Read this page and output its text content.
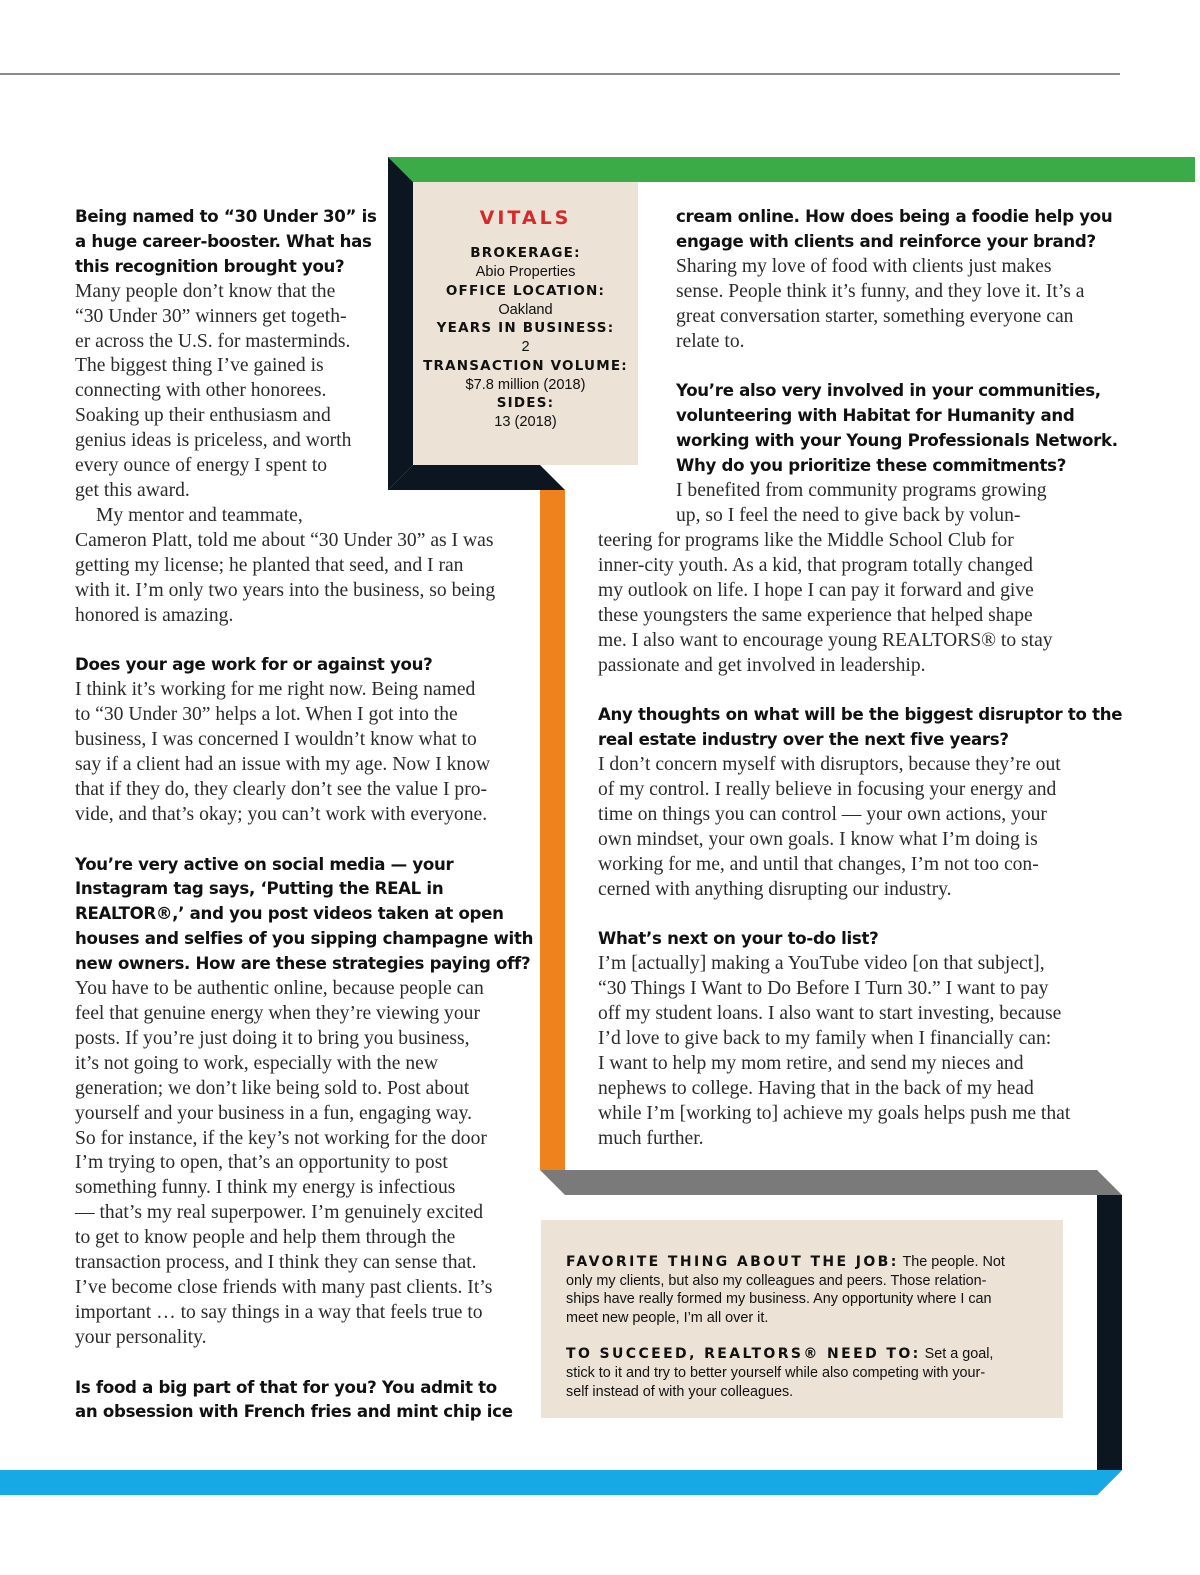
VITALS
BROKERAGE:
Abio Properties
OFFICE LOCATION:
Oakland
YEARS IN BUSINESS:
2
TRANSACTION VOLUME:
$7.8 million (2018)
SIDES:
13 (2018)
Being named to “30 Under 30” is
a huge career-booster. What has
this recognition brought you?
Many people don’t know that the
“30 Under 30” winners get togeth-
er across the U.S. for masterminds.
The biggest thing I’ve gained is
connecting with other honorees.
Soaking up their enthusiasm and
genius ideas is priceless, and worth
every ounce of energy I spent to
get this award.
My mentor and teammate,
Cameron Platt, told me about “30 Under 30” as I was
getting my license; he planted that seed, and I ran
with it. I’m only two years into the business, so being
honored is amazing.
Does your age work for or against you?
I think it’s working for me right now. Being named
to “30 Under 30” helps a lot. When I got into the
business, I was concerned I wouldn’t know what to
say if a client had an issue with my age. Now I know
that if they do, they clearly don’t see the value I pro-
vide, and that’s okay; you can’t work with everyone.
You’re very active on social media — your
Instagram tag says, ‘Putting the REAL in
REALTOR®,’ and you post videos taken at open
houses and selfies of you sipping champagne with
new owners. How are these strategies paying off?
You have to be authentic online, because people can
feel that genuine energy when they’re viewing your
posts. If you’re just doing it to bring you business,
it’s not going to work, especially with the new
generation; we don’t like being sold to. Post about
yourself and your business in a fun, engaging way.
So for instance, if the key’s not working for the door
I’m trying to open, that’s an opportunity to post
something funny. I think my energy is infectious
— that’s my real superpower. I’m genuinely excited
to get to know people and help them through the
transaction process, and I think they can sense that.
I’ve become close friends with many past clients. It’s
important … to say things in a way that feels true to
your personality.
Is food a big part of that for you? You admit to
an obsession with French fries and mint chip ice
cream online. How does being a foodie help you
engage with clients and reinforce your brand?
Sharing my love of food with clients just makes
sense. People think it’s funny, and they love it. It’s a
great conversation starter, something everyone can
relate to.
You’re also very involved in your communities,
volunteering with Habitat for Humanity and
working with your Young Professionals Network.
Why do you prioritize these commitments?
I benefited from community programs growing
up, so I feel the need to give back by volun-
teering for programs like the Middle School Club for
inner-city youth. As a kid, that program totally changed
my outlook on life. I hope I can pay it forward and give
these youngsters the same experience that helped shape
me. I also want to encourage young REALTORS® to stay
passionate and get involved in leadership.
Any thoughts on what will be the biggest disruptor to the
real estate industry over the next five years?
I don’t concern myself with disruptors, because they’re out
of my control. I really believe in focusing your energy and
time on things you can control — your own actions, your
own mindset, your own goals. I know what I’m doing is
working for me, and until that changes, I’m not too con-
cerned with anything disrupting our industry.
What’s next on your to-do list?
I’m [actually] making a YouTube video [on that subject],
“30 Things I Want to Do Before I Turn 30.” I want to pay
off my student loans. I also want to start investing, because
I’d love to give back to my family when I financially can:
I want to help my mom retire, and send my nieces and
nephews to college. Having that in the back of my head
while I’m [working to] achieve my goals helps push me that
much further.
FAVORITE THING ABOUT THE JOB: The people. Not
only my clients, but also my colleagues and peers. Those relation-
ships have really formed my business. Any opportunity where I can
meet new people, I’m all over it.
TO SUCCEED, REALTORS® NEED TO: Set a goal,
stick to it and try to better yourself while also competing with your-
self instead of with your colleagues.
